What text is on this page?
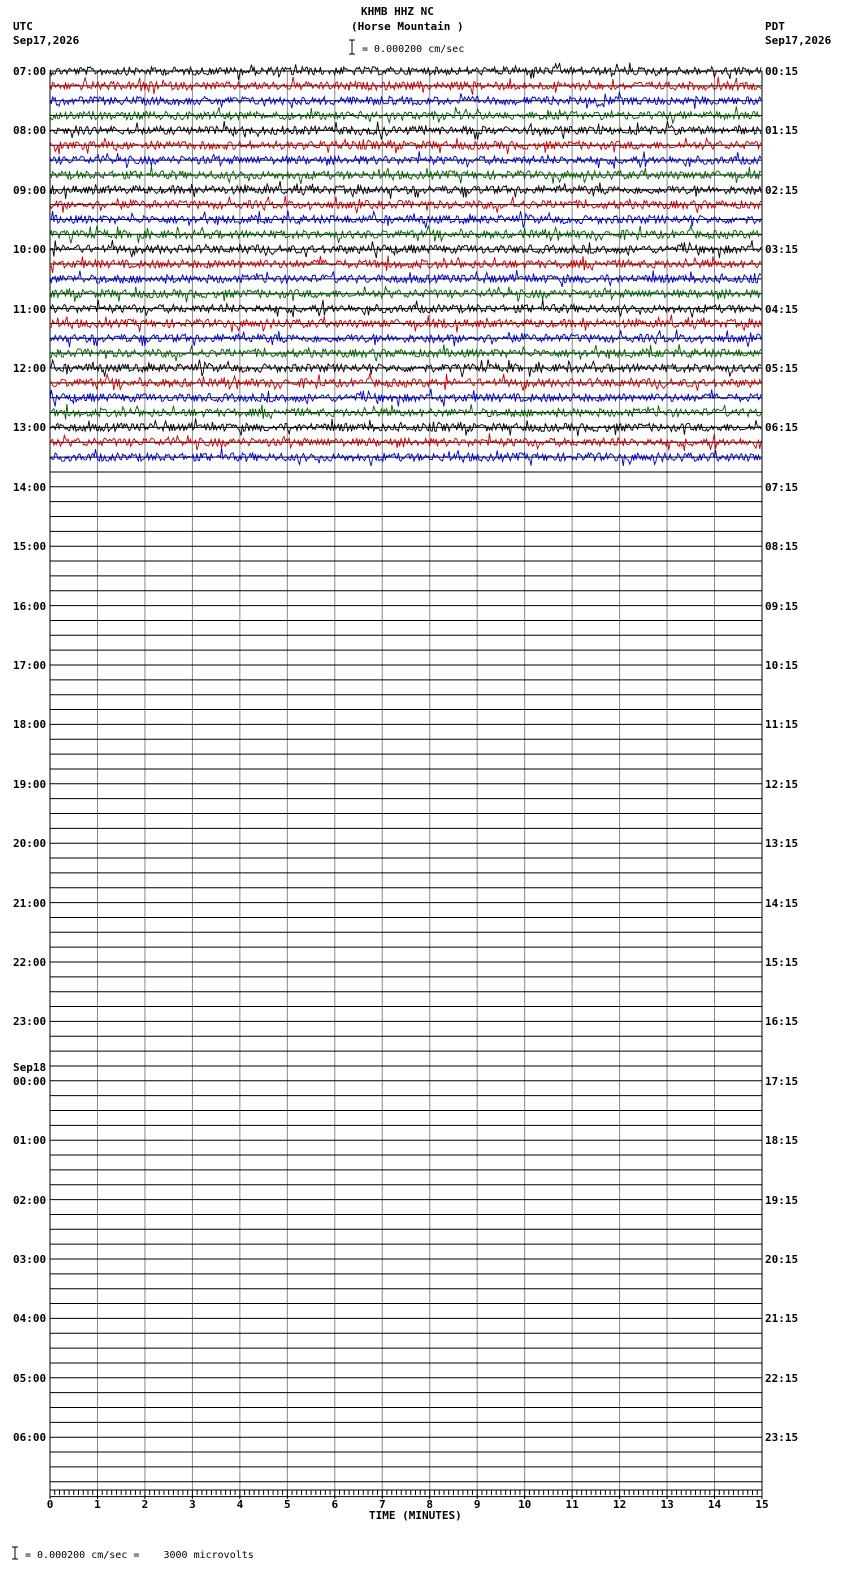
KHMB HHZ NC
(Horse Mountain )
= 0.000200 cm/sec
UTC
Sep17,2026
PDT
Sep17,2026
07:00
08:00
09:00
10:00
11:00
12:00
13:00
14:00
15:00
16:00
17:00
18:00
19:00
20:00
21:00
22:00
23:00
00:00
Sep18
01:00
02:00
03:00
04:00
05:00
06:00
00:15
01:15
02:15
03:15
04:15
05:15
06:15
07:15
08:15
09:15
10:15
11:15
12:15
13:15
14:15
15:15
16:15
17:15
18:15
19:15
20:15
21:15
22:15
23:15
0	1	2	3	4	5	6	7	8	9	10	11	12	13	14	15
TIME (MINUTES)
= 0.000200 cm/sec =    3000 microvolts
